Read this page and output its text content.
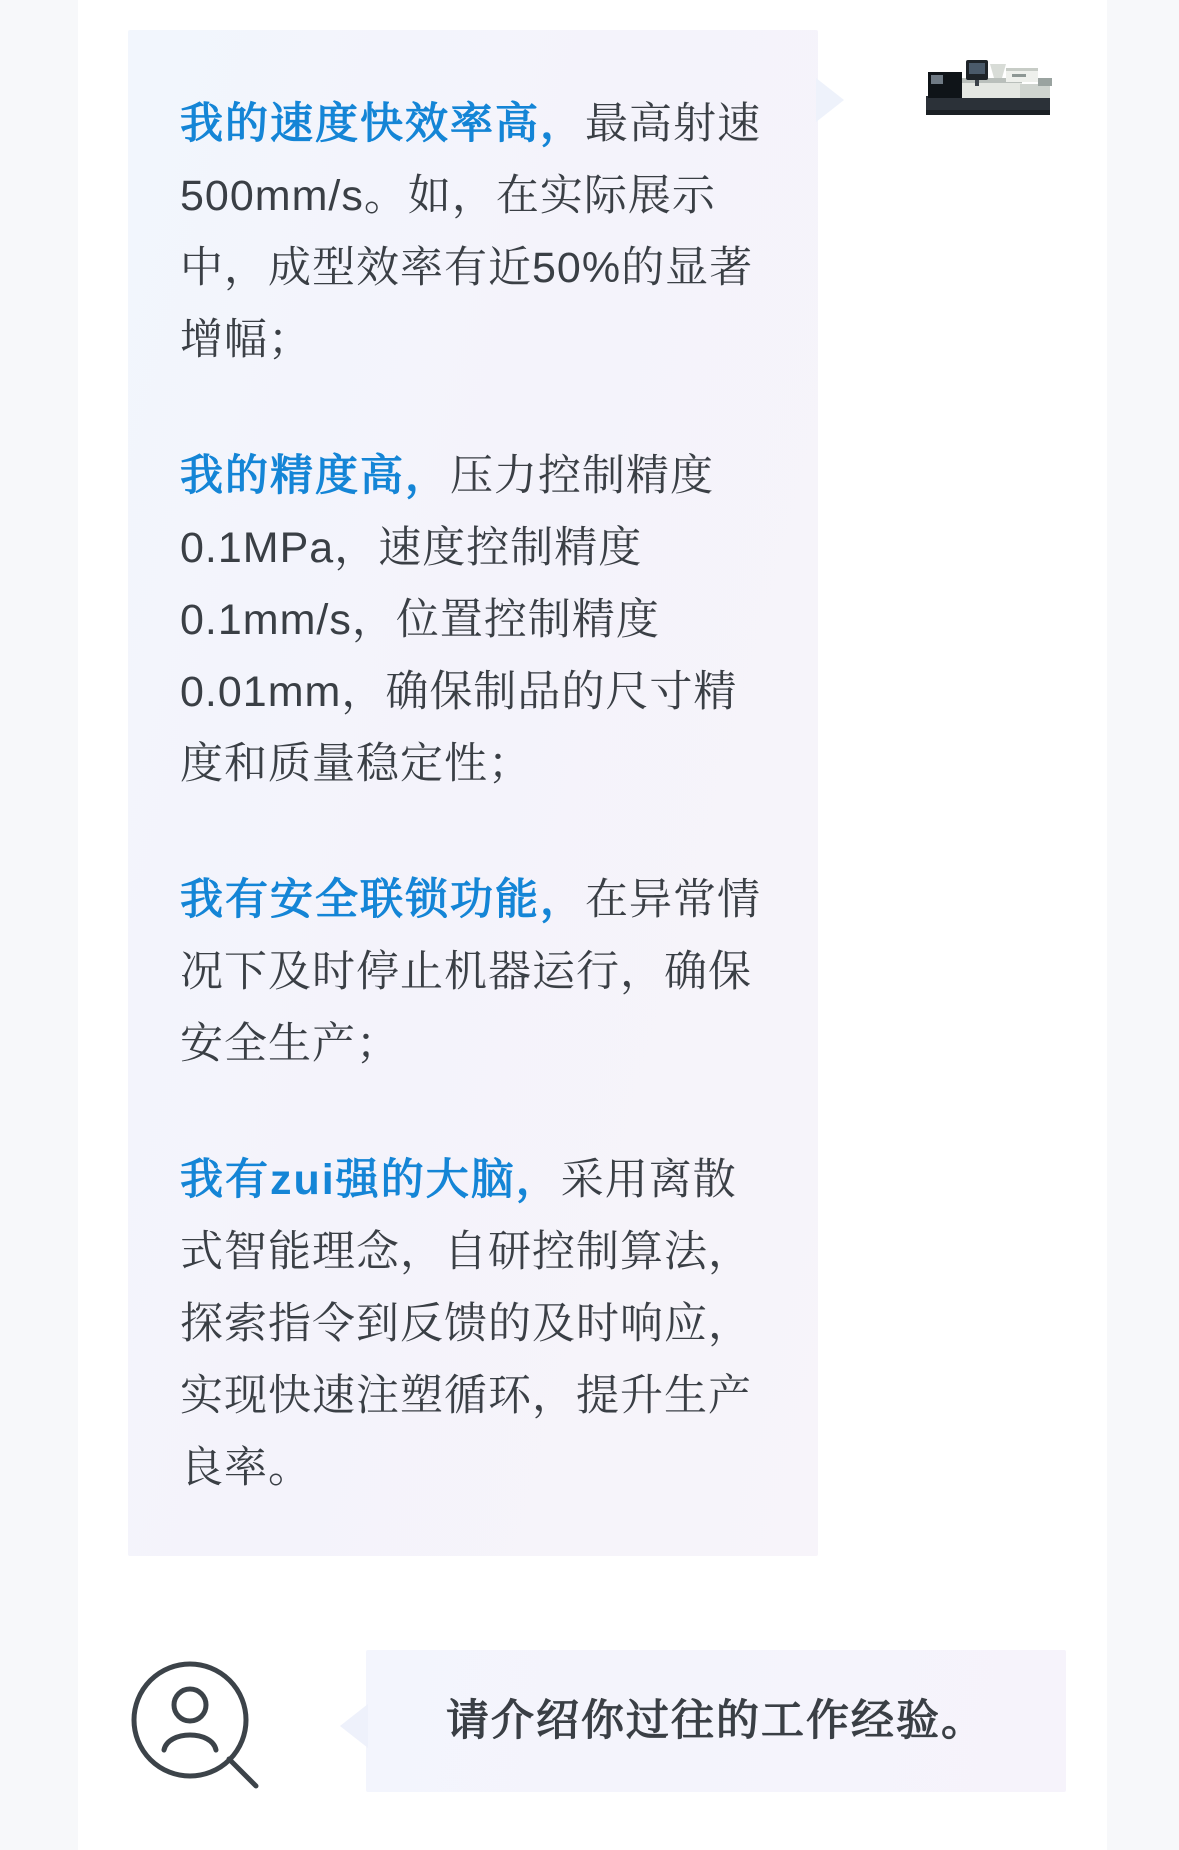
我的速度快效率高，最高射速500mm/s。如，在实际展示中，成型效率有近50%的显著增幅；

我的精度高，压力控制精度0.1MPa，速度控制精度0.1mm/s，位置控制精度0.01mm，确保制品的尺寸精度和质量稳定性；

我有安全联锁功能，在异常情况下及时停止机器运行，确保安全生产；

我有zui强的大脑，采用离散式智能理念，自研控制算法，探索指令到反馈的及时响应，实现快速注塑循环，提升生产良率。

请介绍你过往的工作经验。
